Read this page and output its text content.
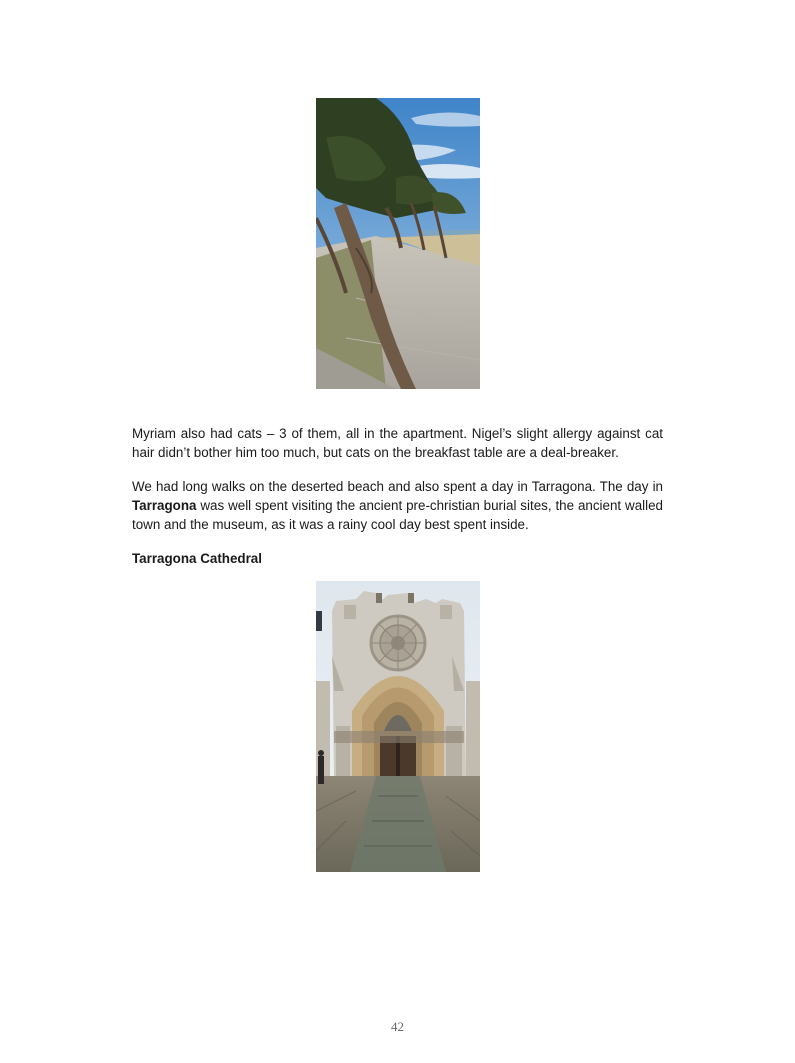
Myriam also had cats – 3 of them, all in the apartment. Nigel’s slight allergy against cat hair didn’t bother him too much, but cats on the breakfast table are a deal-breaker.
We had long walks on the deserted beach and also spent a day in Tarragona. The day in Tarragona was well spent visiting the ancient pre-christian burial sites, the ancient walled town and the museum, as it was a rainy cool day best spent inside.
Tarragona Cathedral
42
